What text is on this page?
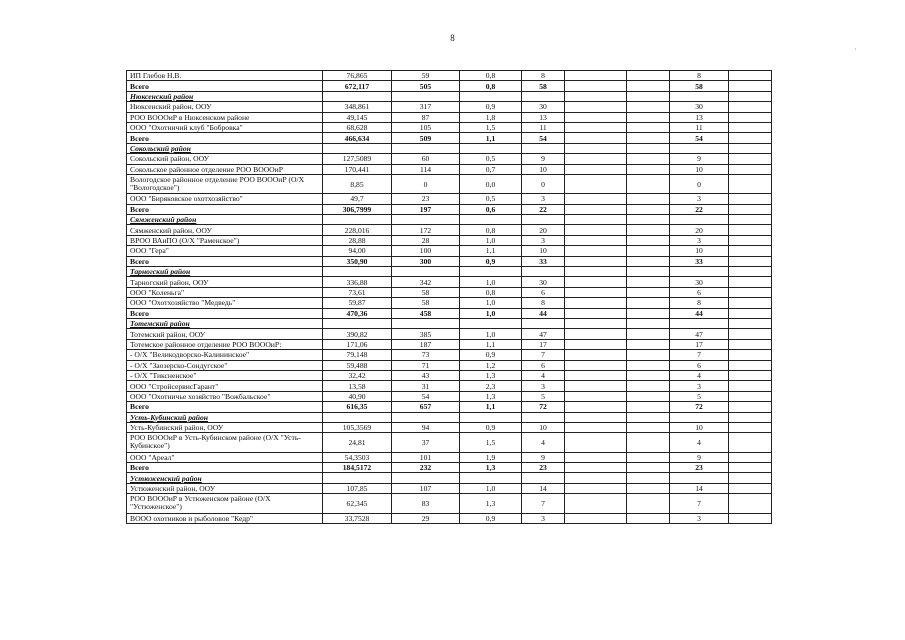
8
·
ИП Глебов Н.В.	76,865	59	0,8	8			8	
Всего	672,117	505	0,8	58			58	
Нюксенский район								
Нюксенский район, ООУ	348,861	317	0,9	30			30	
РОО ВОООиР в Нюксенском районе	49,145	87	1,8	13			13	
ООО "Охотничий клуб "Бобровка"	68,628	105	1,5	11			11	
Всего	466,634	509	1,1	54			54	
Сокольский район								
Сокольский район, ООУ	127,5089	60	0,5	9			9	
Сокольское районное отделение РОО ВОООиР	170,441	114	0,7	10			10	
Вологодское районное отделение РОО ВОООиР (О/Х "Вологодское")	8,85	0	0,0	0			0	
ООО "Биряковское охотхозяйство"	49,7	23	0,5	3			3	
Всего	306,7999	197	0,6	22			22	
Сямженский район								
Сямженский район, ООУ	228,016	172	0,8	20			20	
ВРОО ВАиПО (О/Х "Раменское")	28,88	28	1,0	3			3	
ООО "Гера"	94,00	100	1,1	10			10	
Всего	350,90	300	0,9	33			33	
Тарногский район								
Тарногский район, ООУ	336,88	342	1,0	30			30	
ООО "Коленьга"	73,61	58	0,8	6			6	
ООО "Охотхозяйство "Медведь"	59,87	58	1,0	8			8	
Всего	470,36	458	1,0	44			44	
Тотемский район								
Тотемский район, ООУ	390,82	385	1,0	47			47	
Тотемское районное отделение РОО ВОООиР:	171,06	187	1,1	17			17	
- О/Х "Великодворско-Калининское"	79,148	73	0,9	7			7	
- О/Х "Заозерско-Сондугское"	59,488	71	1,2	6			6	
- О/Х "Тиксненское"	32,42	43	1,3	4			4	
ООО "СтройсервисГарант"	13,58	31	2,3	3			3	
ООО "Охотничье хозяйство "Вожбальское"	40,90	54	1,3	5			5	
Всего	616,35	657	1,1	72			72	
Усть-Кубинский район								
Усть-Кубинский район, ООУ	105,3569	94	0,9	10			10	
РОО ВОООиР в Усть-Кубинском районе (О/Х "Усть-Кубинское")	24,81	37	1,5	4			4	
ООО "Ареал"	54,3503	101	1,9	9			9	
Всего	184,5172	232	1,3	23			23	
Устюженский район								
Устюженский район, ООУ	107,85	107	1,0	14			14	
РОО ВОООиР в Устюженском районе (О/Х "Устюженское")	62,345	83	1,3	7			7	
ВООО охотников и рыболовов "Кедр"	33,7528	29	0,9	3			3	
